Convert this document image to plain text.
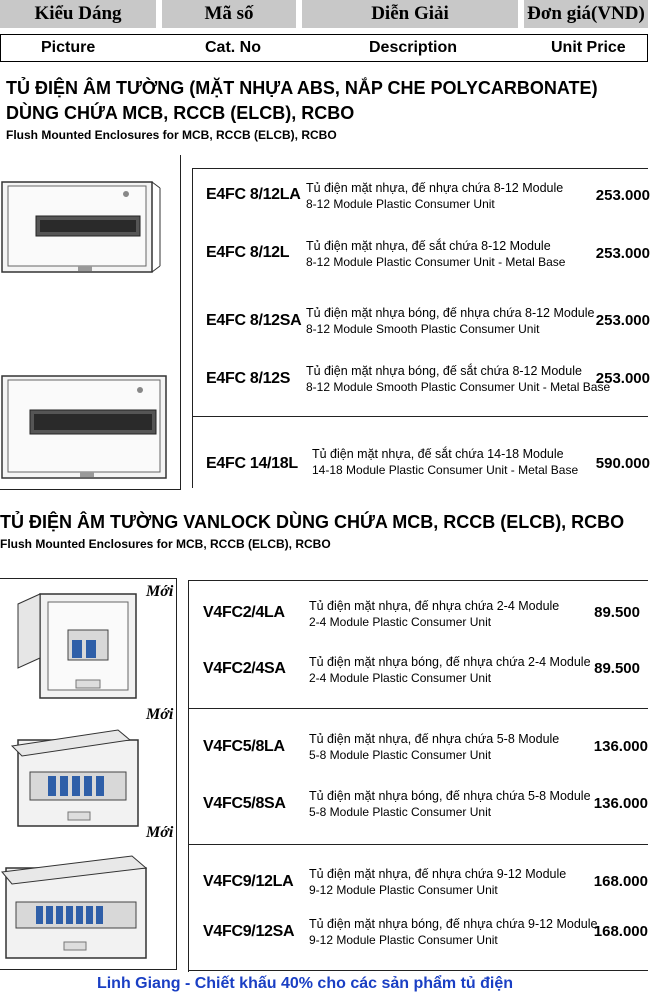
Kiểu Dáng	Mã số	Diễn Giải	Đơn giá(VND)
Picture	Cat. No	Description	Unit Price
TỦ ĐIỆN ÂM TƯỜNG (MẶT NHỰA ABS, NẮP CHE POLYCARBONATE)
DÙNG CHỨA MCB, RCCB (ELCB), RCBO
Flush Mounted Enclosures for MCB, RCCB (ELCB), RCBO
E4FC 8/12LA Tủ điện mặt nhựa, đế nhựa chứa 8-12 Module
8-12 Module Plastic Consumer Unit	253.000
E4FC 8/12L Tủ điện mặt nhựa, đế sắt chứa 8-12 Module
8-12 Module Plastic Consumer Unit - Metal Base	253.000
E4FC 8/12SA Tủ điện mặt nhựa bóng, đế nhựa chứa 8-12 Module
8-12 Module Smooth Plastic Consumer Unit	253.000
E4FC 8/12S Tủ điện mặt nhựa bóng, đế sắt chứa 8-12 Module
8-12 Module Smooth Plastic Consumer Unit - Metal Base
253.000
E4FC 14/18L
Tủ điện mặt nhựa, đế sắt chứa 14-18 Module
14-18 Module Plastic Consumer Unit - Metal Base	590.000
TỦ ĐIỆN ÂM TƯỜNG VANLOCK DÙNG CHỨA MCB, RCCB (ELCB), RCBO
Flush Mounted Enclosures for MCB, RCCB (ELCB), RCBO
Mới
Mới
Mới
V4FC2/4LA Tủ điện mặt nhựa, đế nhựa chứa 2-4 Module
2-4 Module Plastic Consumer Unit
89.500
V4FC2/4SA Tủ điện mặt nhựa bóng, đế nhựa chứa 2-4 Module
2-4 Module Plastic Consumer Unit
89.500
V4FC5/8LA Tủ điện mặt nhựa, đế nhựa chứa 5-8 Module
5-8 Module Plastic Consumer Unit	136.000
V4FC5/8SA Tủ điện mặt nhựa bóng, đế nhựa chứa 5-8 Module
5-8 Module Plastic Consumer Unit	136.000
V4FC9/12LA Tủ điện mặt nhựa, đế nhựa chứa 9-12 Module
9-12 Module Plastic Consumer Unit	168.000
V4FC9/12SA Tủ điện mặt nhựa bóng, đế nhựa chứa 9-12 Module
9-12 Module Plastic Consumer Unit	168.000
Linh Giang - Chiết khấu 40% cho các sản phẩm tủ điện
